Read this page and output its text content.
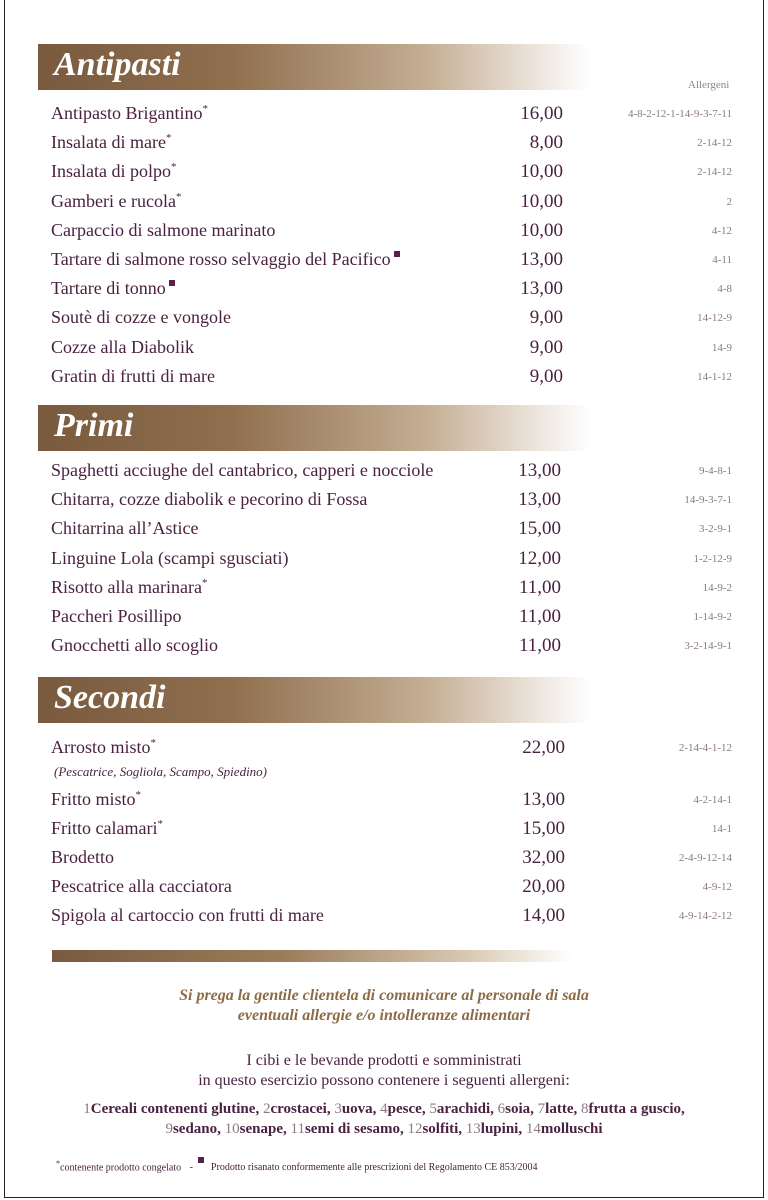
Antipasti
Allergeni
Antipasto Brigantino*	16,00	4-8-2-12-1-14-9-3-7-11
Insalata di mare*	8,00	2-14-12
Insalata di polpo*	10,00	2-14-12
Gamberi e rucola*	10,00	2
Carpaccio di salmone marinato	10,00	4-12
Tartare di salmone rosso selvaggio del Pacifico	13,00	4-11
Tartare di tonno	13,00	4-8
Soutè di cozze e vongole	9,00	14-12-9
Cozze alla Diabolik	9,00	14-9
Gratin di frutti di mare	9,00	14-1-12
Primi
Spaghetti acciughe del cantabrico, capperi e nocciole	13,00	9-4-8-1
Chitarra, cozze diabolik e pecorino di Fossa	13,00	14-9-3-7-1
Chitarrina all’Astice	15,00	3-2-9-1
Linguine Lola (scampi sgusciati)	12,00	1-2-12-9
Risotto alla marinara*	11,00	14-9-2
Paccheri Posillipo	11,00	1-14-9-2
Gnocchetti allo scoglio	11,00	3-2-14-9-1
Secondi
Arrosto misto*	22,00	2-14-4-1-12
(Pescatrice, Sogliola, Scampo, Spiedino)
Fritto misto*	13,00	4-2-14-1
Fritto calamari*	15,00	14-1
Brodetto	32,00	2-4-9-12-14
Pescatrice alla cacciatora	20,00	4-9-12
Spigola al cartoccio con frutti di mare	14,00	4-9-14-2-12
Si prega la gentile clientela di comunicare al personale di sala
eventuali allergie e/o intolleranze alimentari
I cibi e le bevande prodotti e somministrati
in questo esercizio possono contenere i seguenti allergeni:
1Cereali contenenti glutine, 2crostacei, 3uova, 4pesce, 5arachidi, 6soia, 7latte, 8frutta a guscio,
9sedano, 10senape, 11semi di sesamo, 12solfiti, 13lupini, 14molluschi
*contenente prodotto congelato - Prodotto risanato conformemente alle prescrizioni del Regolamento CE 853/2004
